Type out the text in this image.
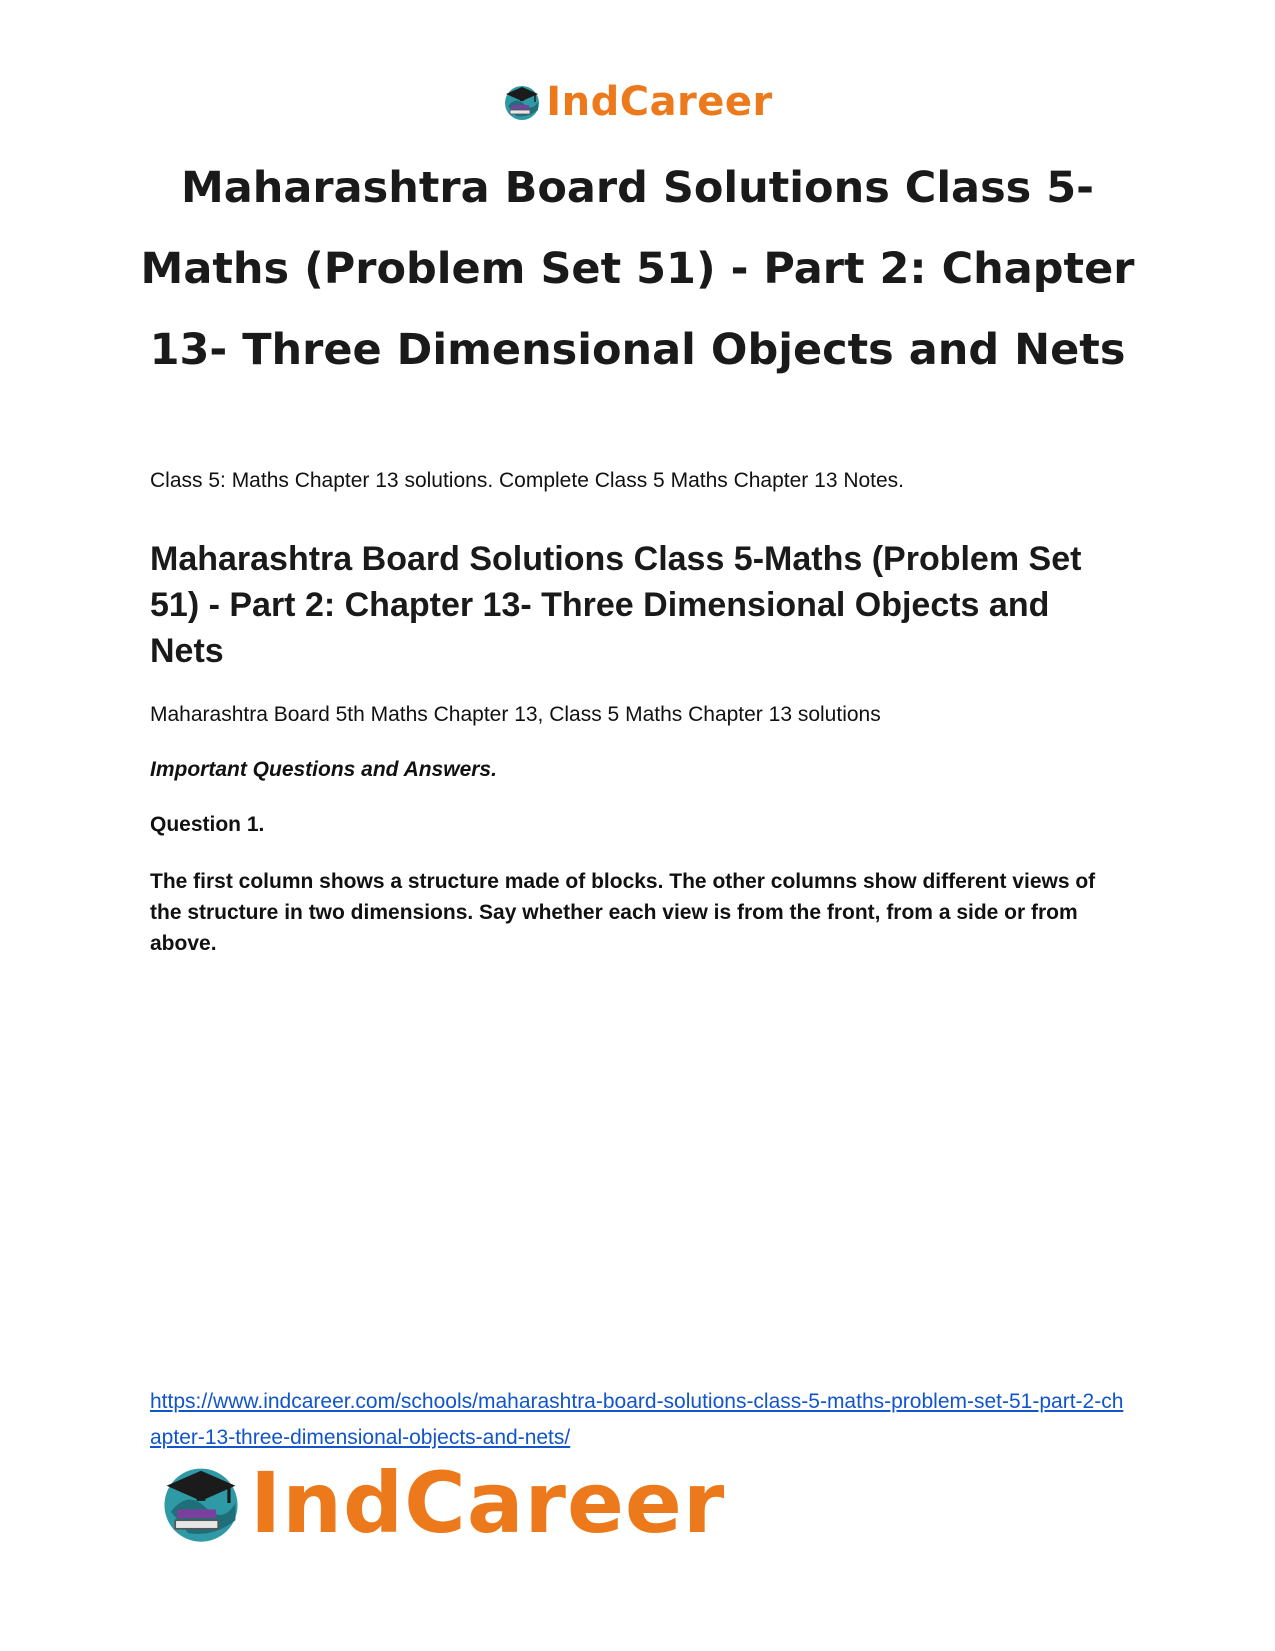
IndCareer
Maharashtra Board Solutions Class 5-Maths (Problem Set 51) - Part 2: Chapter 13- Three Dimensional Objects and Nets

Class 5: Maths Chapter 13 solutions. Complete Class 5 Maths Chapter 13 Notes.

Maharashtra Board Solutions Class 5-Maths (Problem Set 51) - Part 2: Chapter 13- Three Dimensional Objects and Nets

Maharashtra Board 5th Maths Chapter 13, Class 5 Maths Chapter 13 solutions

Important Questions and Answers.

Question 1.

The first column shows a structure made of blocks. The other columns show different views of the structure in two dimensions. Say whether each view is from the front, from a side or from above.

https://www.indcareer.com/schools/maharashtra-board-solutions-class-5-maths-problem-set-51-part-2-chapter-13-three-dimensional-objects-and-nets/
IndCareer
